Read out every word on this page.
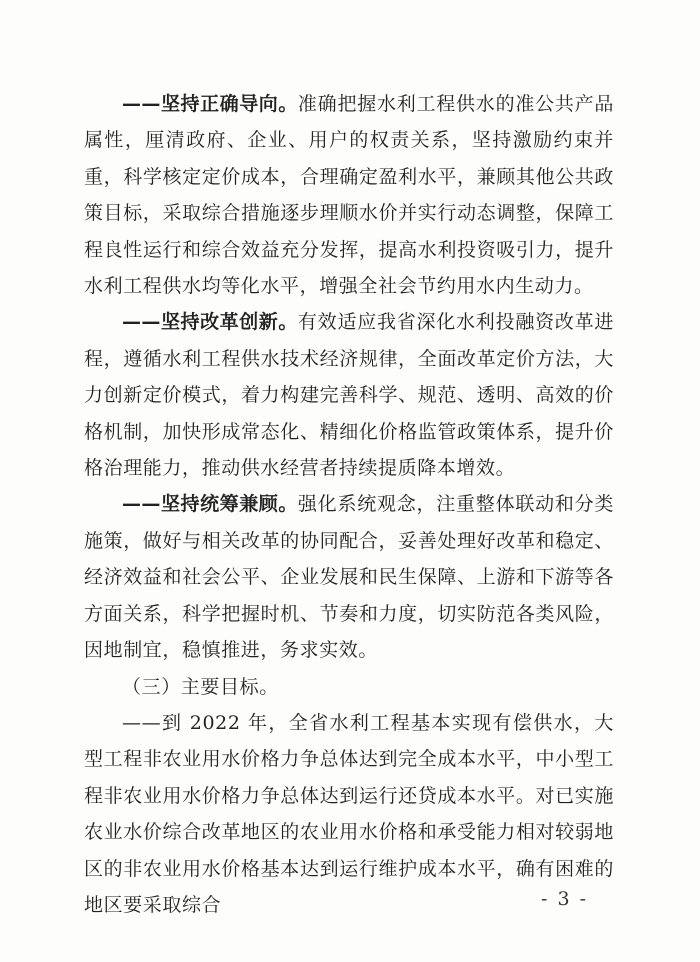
——坚持正确导向。准确把握水利工程供水的准公共产品属性，厘清政府、企业、用户的权责关系，坚持激励约束并重，科学核定定价成本，合理确定盈利水平，兼顾其他公共政策目标，采取综合措施逐步理顺水价并实行动态调整，保障工程良性运行和综合效益充分发挥，提高水利投资吸引力，提升水利工程供水均等化水平，增强全社会节约用水内生动力。

——坚持改革创新。有效适应我省深化水利投融资改革进程，遵循水利工程供水技术经济规律，全面改革定价方法，大力创新定价模式，着力构建完善科学、规范、透明、高效的价格机制，加快形成常态化、精细化价格监管政策体系，提升价格治理能力，推动供水经营者持续提质降本增效。

——坚持统筹兼顾。强化系统观念，注重整体联动和分类施策，做好与相关改革的协同配合，妥善处理好改革和稳定、经济效益和社会公平、企业发展和民生保障、上游和下游等各方面关系，科学把握时机、节奏和力度，切实防范各类风险，因地制宜，稳慎推进，务求实效。

（三）主要目标。

——到 2022 年，全省水利工程基本实现有偿供水，大型工程非农业用水价格力争总体达到完全成本水平，中小型工程非农业用水价格力争总体达到运行还贷成本水平。对已实施农业水价综合改革地区的农业用水价格和承受能力相对较弱地区的非农业用水价格基本达到运行维护成本水平，确有困难的地区要采取综合	- 3 -
